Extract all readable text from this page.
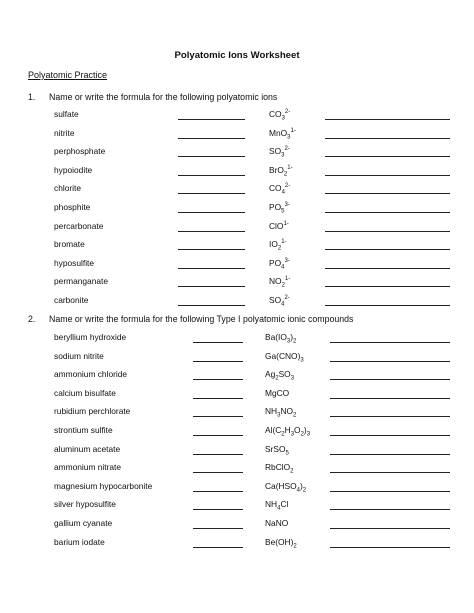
Polyatomic Ions Worksheet
Polyatomic Practice
1. Name or write the formula for the following polyatomic ions
sulfate	$CO_3^{2-}$
nitrite	MnO$_3^{1-}$
perphosphate	$SO_3^{2-}$
hypoiodite	BrO$_2^{1-}$
chlorite	$CO_4^{2-}$
phosphite	$PO_5^{3-}$
percarbonate	ClO$^{1-}$
bromate	$IO_2^{1-}$
hyposulfite	$PO_4^{3-}$
permanganate	$NO_2^{1-}$
carbonite	$SO_4^{2-}$
2. Name or write the formula for the following Type I polyatomic ionic compounds
beryllium hydroxide	$Ba(IO_3)_2$
sodium nitrite	$Ga(CNO)_3$
ammonium chloride	$Ag_2SO_3$
calcium bisulfate	MgCO
rubidium perchlorate	$NH_3NO_2$
strontium sulfite	$Al(C_2H_3O_2)_3$
aluminum acetate	SrSO$_5$
ammonium nitrate	RbClO$_2$
magnesium hypocarbonite	$Ca(HSO_4)_2$
silver hyposulfite	$NH_4Cl$
gallium cyanate	NaNO
barium iodate	$Be(OH)_2$
